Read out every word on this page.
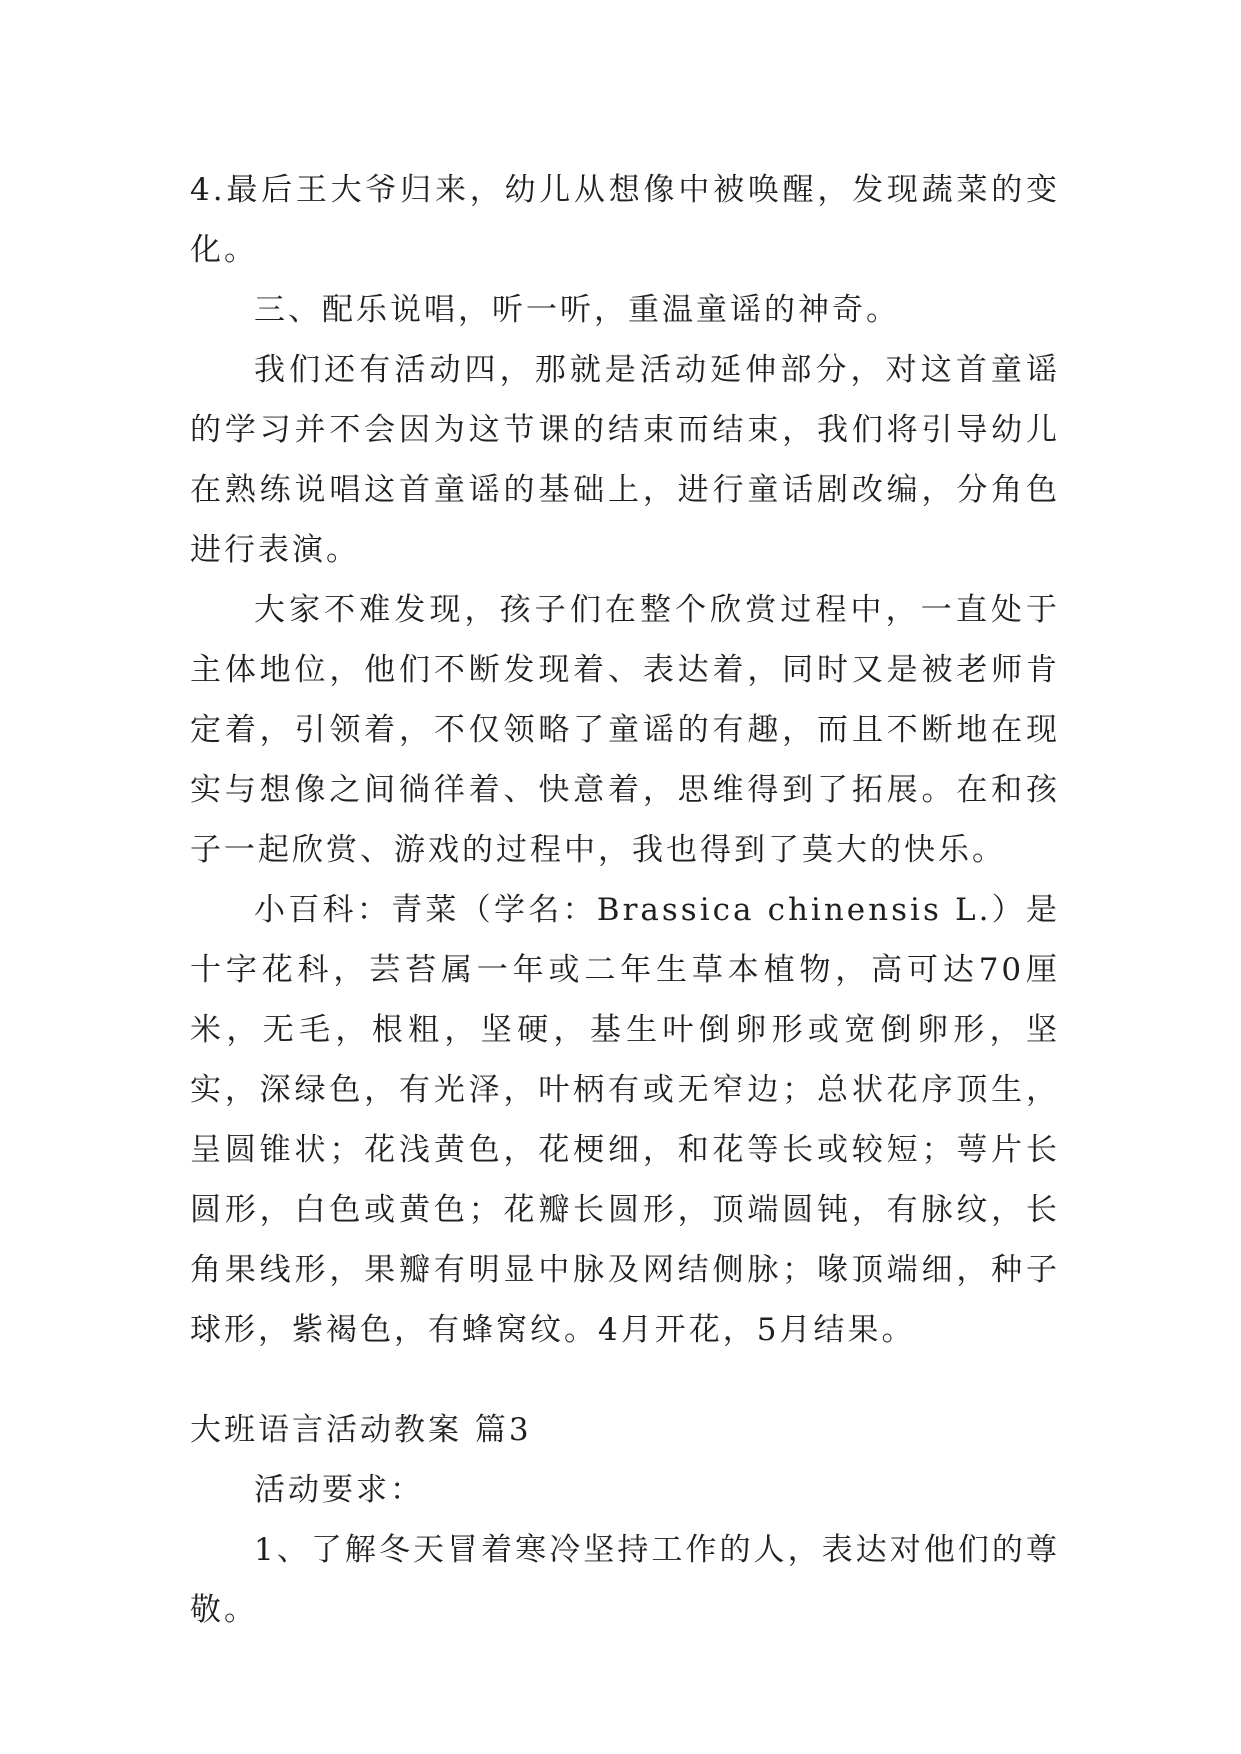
4.最后王大爷归来，幼儿从想像中被唤醒，发现蔬菜的变化。

三、配乐说唱，听一听，重温童谣的神奇。

我们还有活动四，那就是活动延伸部分，对这首童谣的学习并不会因为这节课的结束而结束，我们将引导幼儿在熟练说唱这首童谣的基础上，进行童话剧改编，分角色进行表演。

大家不难发现，孩子们在整个欣赏过程中，一直处于主体地位，他们不断发现着、表达着，同时又是被老师肯定着，引领着，不仅领略了童谣的有趣，而且不断地在现实与想像之间徜徉着、快意着，思维得到了拓展。在和孩子一起欣赏、游戏的过程中，我也得到了莫大的快乐。

小百科：青菜（学名：Brassica chinensis L.）是十字花科，芸苔属一年或二年生草本植物，高可达70厘米，无毛，根粗，坚硬，基生叶倒卵形或宽倒卵形，坚实，深绿色，有光泽，叶柄有或无窄边；总状花序顶生，呈圆锥状；花浅黄色，花梗细，和花等长或较短；萼片长圆形，白色或黄色；花瓣长圆形，顶端圆钝，有脉纹，长角果线形，果瓣有明显中脉及网结侧脉；喙顶端细，种子球形，紫褐色，有蜂窝纹。4月开花，5月结果。

大班语言活动教案 篇3

活动要求：

1、了解冬天冒着寒冷坚持工作的人，表达对他们的尊敬。
